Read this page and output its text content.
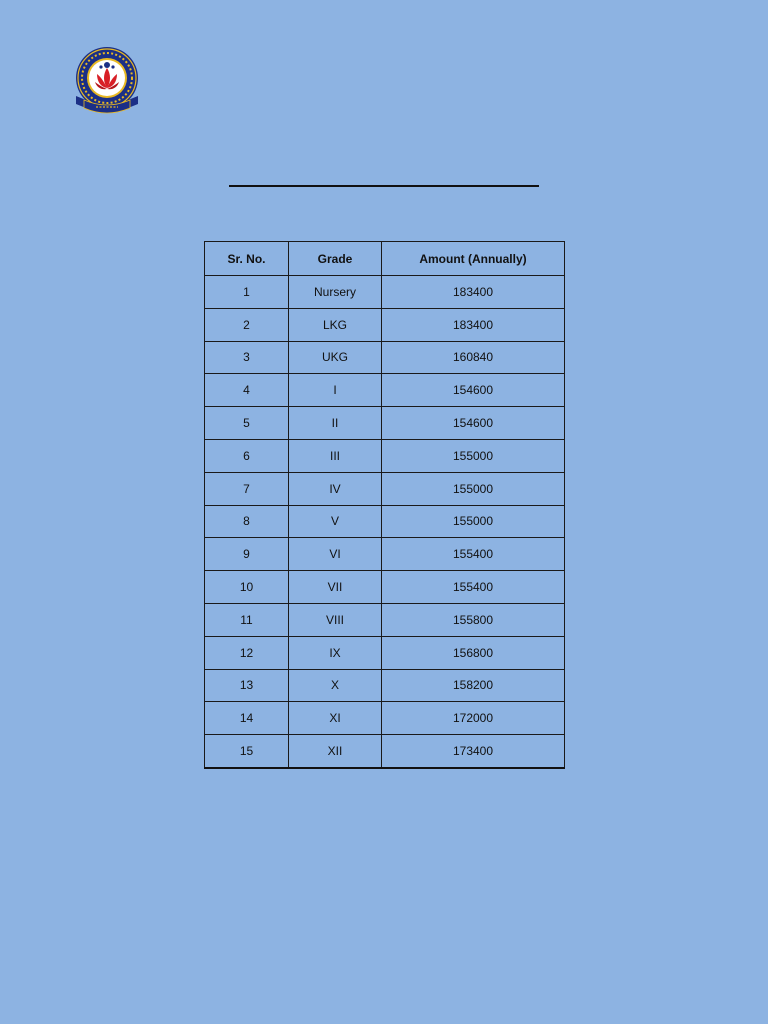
Sr. No.	Grade	Amount (Annually)
1	Nursery	183400
2	LKG	183400
3	UKG	160840
4	I	154600
5	II	154600
6	III	155000
7	IV	155000
8	V	155000
9	VI	155400
10	VII	155400
11	VIII	155800
12	IX	156800
13	X	158200
14	XI	172000
15	XII	173400
